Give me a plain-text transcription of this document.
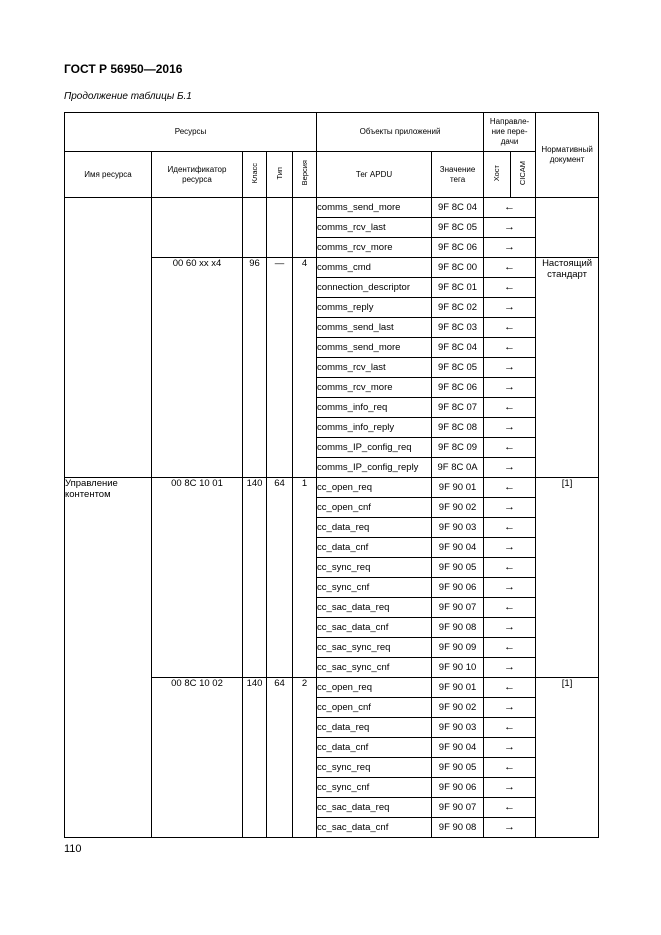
ГОСТ Р 56950—2016
Продолжение таблицы Б.1
Ресурсы					Объекты приложений		Направле-ние пере-дачи		Нормативный документ
Имя ресурса	Идентификатор ресурса	Класс	Тип	Версия	Тег APDU	Значение тега	Хост	CICAM	
					comms_send_more	9F 8C 04	←		
					comms_rcv_last	9F 8C 05	→		
					comms_rcv_more	9F 8C 06	→		
	00 60 xx x4	96	—	4	comms_cmd	9F 8C 00	←		Настоящий стандарт
					connection_descriptor	9F 8C 01	←		
					comms_reply	9F 8C 02	→		
					comms_send_last	9F 8C 03	←		
					comms_send_more	9F 8C 04	←		
					comms_rcv_last	9F 8C 05	→		
					comms_rcv_more	9F 8C 06	→		
					comms_info_req	9F 8C 07	←		
					comms_info_reply	9F 8C 08	→		
					comms_IP_config_req	9F 8C 09	←		
					comms_IP_config_reply	9F 8C 0A	→		
Управление контентом	00 8C 10 01	140	64	1	cc_open_req	9F 90 01	←		[1]
					cc_open_cnf	9F 90 02	→		
					cc_data_req	9F 90 03	←		
					cc_data_cnf	9F 90 04	→		
					cc_sync_req	9F 90 05	←		
					cc_sync_cnf	9F 90 06	→		
					cc_sac_data_req	9F 90 07	←		
					cc_sac_data_cnf	9F 90 08	→		
					cc_sac_sync_req	9F 90 09	←		
					cc_sac_sync_cnf	9F 90 10	→		
	00 8C 10 02	140	64	2	cc_open_req	9F 90 01	←		[1]
					cc_open_cnf	9F 90 02	→		
					cc_data_req	9F 90 03	←		
					cc_data_cnf	9F 90 04	→		
					cc_sync_req	9F 90 05	←		
					cc_sync_cnf	9F 90 06	→		
					cc_sac_data_req	9F 90 07	←		
					cc_sac_data_cnf	9F 90 08	→		
110
